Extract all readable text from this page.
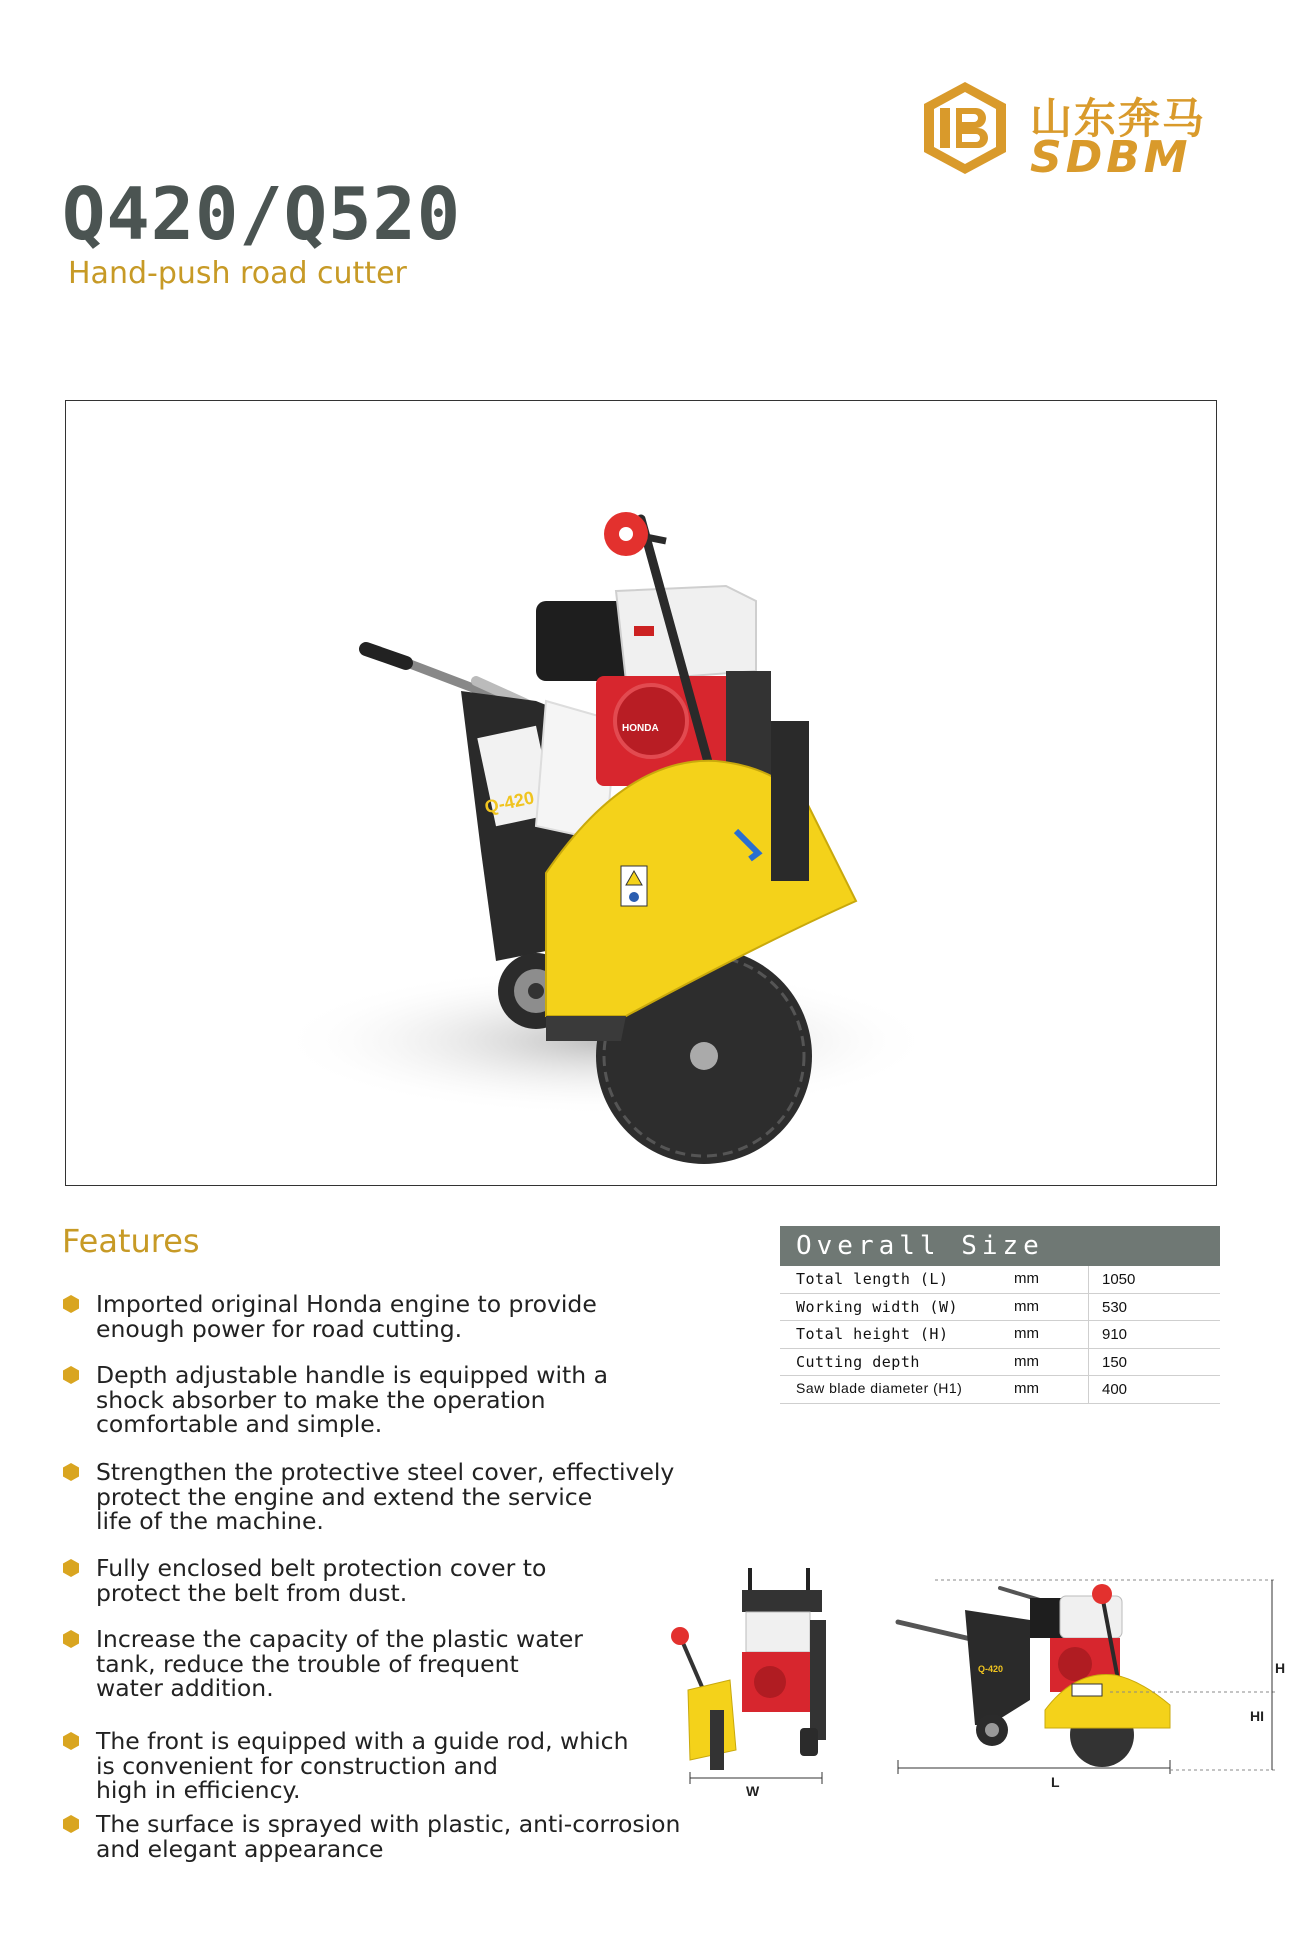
山东奔马
SDBM
Q420/Q520
Hand-push road cutter
Q-420
HONDA
Features
Imported original Honda engine to provide
enough power for road cutting.
Depth adjustable handle is equipped with a
shock absorber to make the operation
comfortable and simple.
Strengthen the protective steel cover, effectively
protect the engine and extend the service
life of the machine.
Fully enclosed belt protection cover to
protect the belt from dust.
Increase the capacity of the plastic water
tank, reduce the trouble of frequent
water addition.
The front is equipped with a guide rod, which
is convenient for construction and
high in efficiency.
The surface is sprayed with plastic, anti-corrosion
and elegant appearance
Overall Size
Total length (L)	mm	1050
Working width (W)	mm	530
Total height (H)	mm	910
Cutting depth	mm	150
Saw blade diameter (H1)	mm	400
W
Q-420
L
H
HI
